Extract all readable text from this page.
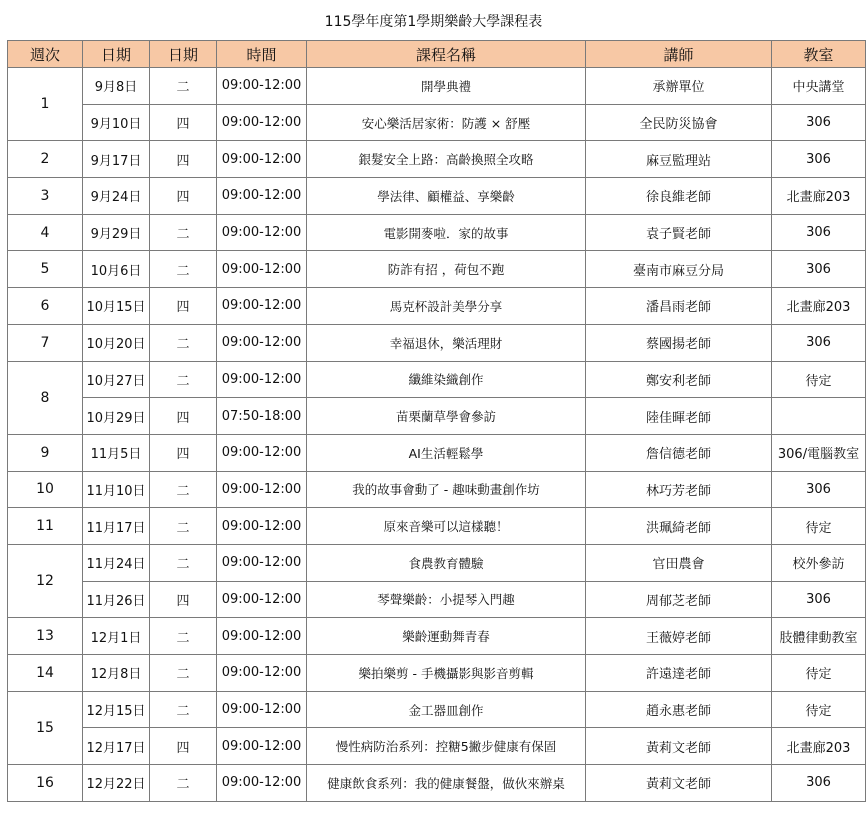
115學年度第1學期樂齡大學課程表
週次	日期	日期	時間	課程名稱	講師	教室
1	9月8日	二	09:00-12:00	開學典禮	承辦單位	中央講堂
	9月10日	四	09:00-12:00	安心樂活居家術：防護 × 舒壓	全民防災協會	306
2	9月17日	四	09:00-12:00	銀髮安全上路：高齡換照全攻略	麻豆監理站	306
3	9月24日	四	09:00-12:00	學法律、顧權益、享樂齡	徐良維老師	北畫廊203
4	9月29日	二	09:00-12:00	電影開麥啦．家的故事	袁子賢老師	306
5	10月6日	二	09:00-12:00	防詐有招 ，荷包不跑	臺南市麻豆分局	306
6	10月15日	四	09:00-12:00	馬克杯設計美學分享	潘昌雨老師	北畫廊203
7	10月20日	二	09:00-12:00	幸福退休，樂活理財	蔡國揚老師	306
8	10月27日	二	09:00-12:00	纖維染織創作	鄭安利老師	待定
	10月29日	四	07:50-18:00	苗栗蘭草學會參訪	陸佳暉老師	
9	11月5日	四	09:00-12:00	AI生活輕鬆學	詹信德老師	306/電腦教室
10	11月10日	二	09:00-12:00	我的故事會動了 - 趣味動畫創作坊	林巧芳老師	306
11	11月17日	二	09:00-12:00	原來音樂可以這樣聽！	洪珮綺老師	待定
12	11月24日	二	09:00-12:00	食農教育體驗	官田農會	校外參訪
	11月26日	四	09:00-12:00	琴聲樂齡：小提琴入門趣	周郁芝老師	306
13	12月1日	二	09:00-12:00	樂齡運動舞青春	王薇婷老師	肢體律動教室
14	12月8日	二	09:00-12:00	樂拍樂剪 - 手機攝影與影音剪輯	許遠達老師	待定
15	12月15日	二	09:00-12:00	金工器皿創作	趙永惠老師	待定
	12月17日	四	09:00-12:00	慢性病防治系列：控糖5撇步健康有保固	黃莉文老師	北畫廊203
16	12月22日	二	09:00-12:00	健康飲食系列：我的健康餐盤，做伙來辦桌	黃莉文老師	306
